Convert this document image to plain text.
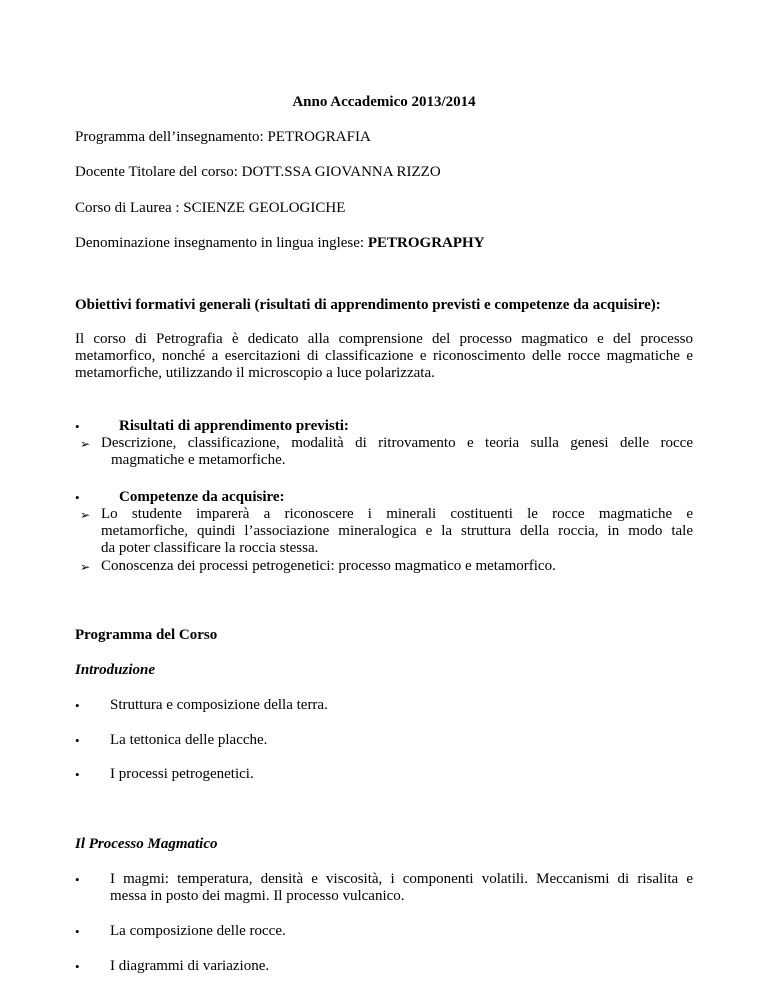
Anno Accademico 2013/2014
Programma dell’insegnamento: PETROGRAFIA
Docente Titolare del corso: DOTT.SSA GIOVANNA RIZZO
Corso di Laurea : SCIENZE GEOLOGICHE
Denominazione insegnamento in lingua inglese: PETROGRAPHY
Obiettivi formativi generali (risultati di apprendimento previsti e competenze da acquisire):
Il corso di Petrografia è dedicato alla comprensione del processo magmatico e del processo
metamorfico, nonché a esercitazioni di classificazione e riconoscimento delle rocce magmatiche e
metamorfiche, utilizzando il microscopio a luce polarizzata.
•	Risultati di apprendimento previsti:
➢ Descrizione, classificazione, modalità di ritrovamento e teoria sulla genesi delle rocce
magmatiche e metamorfiche.
•	Competenze da acquisire:
➢ Lo studente imparerà a riconoscere i minerali costituenti le rocce magmatiche e
metamorfiche, quindi l’associazione mineralogica e la struttura della roccia, in modo tale
da poter classificare la roccia stessa.
➢ Conoscenza dei processi petrogenetici: processo magmatico e metamorfico.
Programma del Corso
Introduzione
• Struttura e composizione della terra.
• La tettonica delle placche.
• I processi petrogenetici.
Il Processo Magmatico
• I magmi: temperatura, densità e viscosità, i componenti volatili. Meccanismi di risalita e
messa in posto dei magmi. Il processo vulcanico.
• La composizione delle rocce.
• I diagrammi di variazione.
